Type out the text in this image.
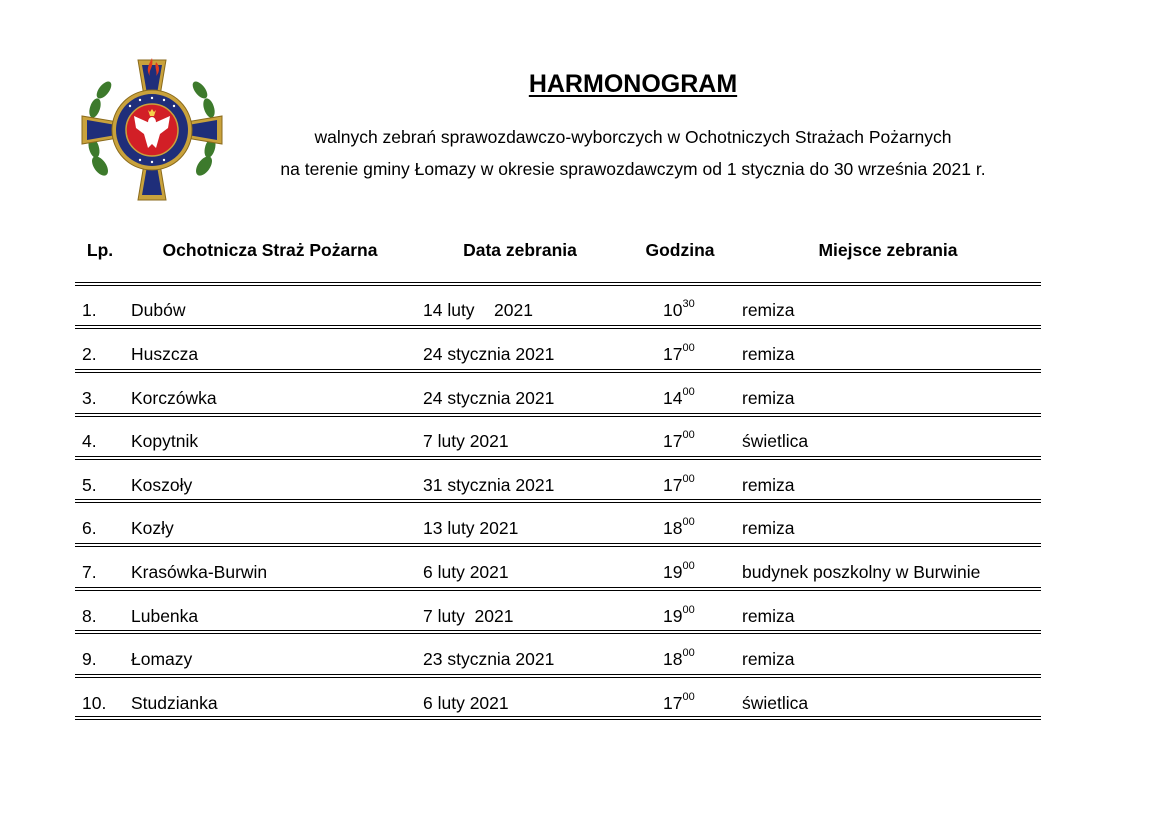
HARMONOGRAM
walnych zebrań sprawozdawczo-wyborczych w Ochotniczych Strażach Pożarnych
na terenie gminy Łomazy w okresie sprawozdawczym od 1 stycznia do 30 września 2021 r.
Lp.	Ochotnicza Straż Pożarna	Data zebrania	Godzina	Miejsce zebrania
1. Dubów	14 luty    2021	$10^{30}$	remiza
2. Huszcza	24 stycznia 2021	$17^{00}$	remiza
3. Korczówka	24 stycznia 2021	$14^{00}$	remiza
4. Kopytnik	7 luty 2021	$17^{00}$	świetlica
5. Koszoły	31 stycznia 2021	$17^{00}$	remiza
6. Kozły	13 luty 2021	$18^{00}$	remiza
7. Krasówka-Burwin	6 luty 2021	$19^{00}$	budynek poszkolny w Burwinie
8. Lubenka	7 luty  2021	$19^{00}$	remiza
9. Łomazy	23 stycznia 2021	$18^{00}$	remiza
10. Studzianka	6 luty 2021	$17^{00}$	świetlica
